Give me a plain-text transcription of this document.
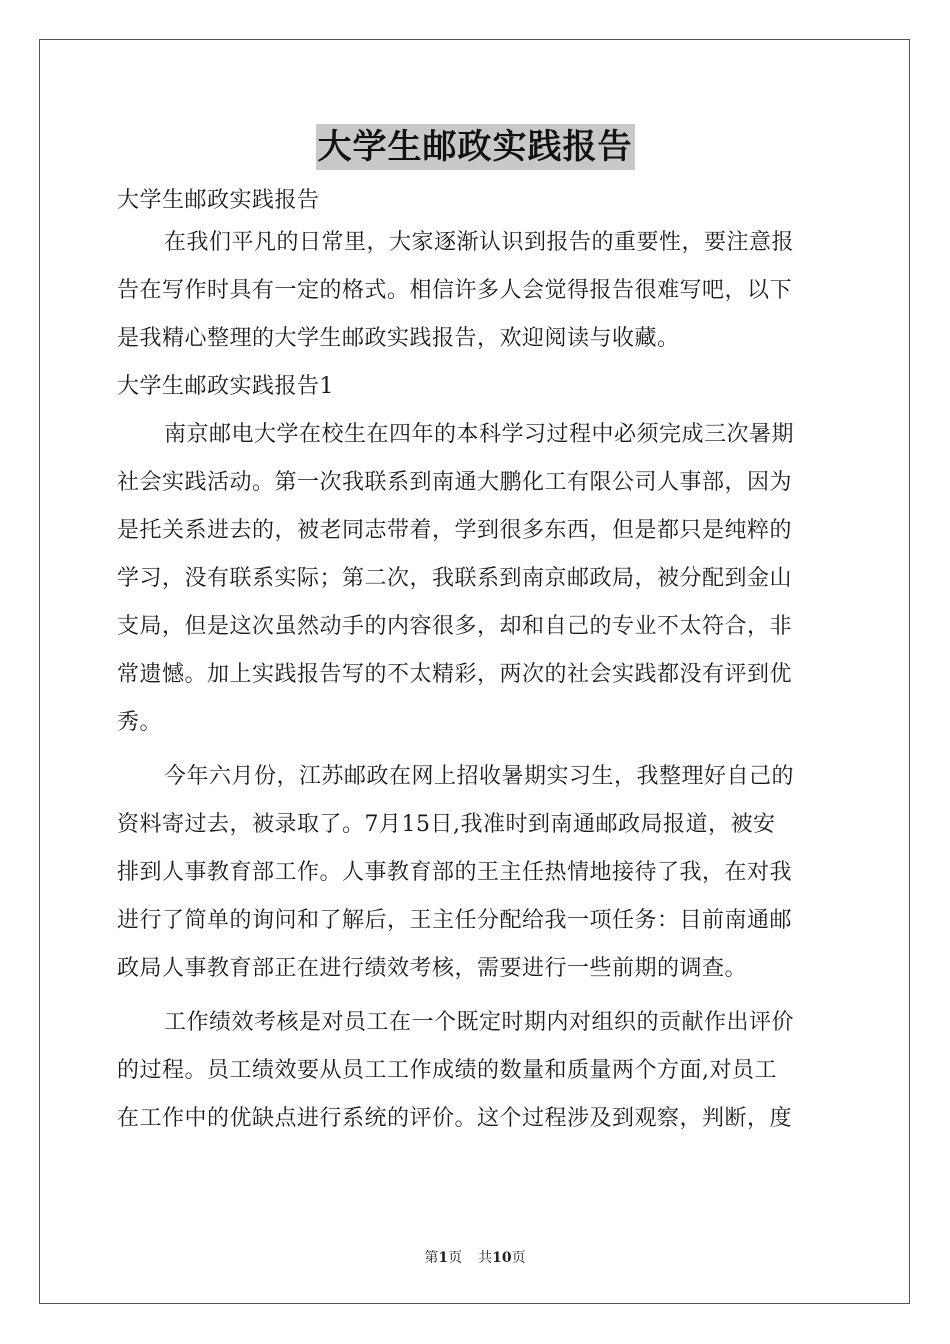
大学生邮政实践报告
大学生邮政实践报告
在我们平凡的日常里，大家逐渐认识到报告的重要性，要注意报
告在写作时具有一定的格式。相信许多人会觉得报告很难写吧，以下
是我精心整理的大学生邮政实践报告，欢迎阅读与收藏。
大学生邮政实践报告1
南京邮电大学在校生在四年的本科学习过程中必须完成三次暑期
社会实践活动。第一次我联系到南通大鹏化工有限公司人事部，因为
是托关系进去的，被老同志带着，学到很多东西，但是都只是纯粹的
学习，没有联系实际；第二次，我联系到南京邮政局，被分配到金山
支局，但是这次虽然动手的内容很多，却和自己的专业不太符合，非
常遗憾。加上实践报告写的不太精彩，两次的社会实践都没有评到优
秀。
今年六月份，江苏邮政在网上招收暑期实习生，我整理好自己的
资料寄过去，被录取了。7月15日,我准时到南通邮政局报道，被安
排到人事教育部工作。人事教育部的王主任热情地接待了我，在对我
进行了简单的询问和了解后，王主任分配给我一项任务：目前南通邮
政局人事教育部正在进行绩效考核，需要进行一些前期的调查。
工作绩效考核是对员工在一个既定时期内对组织的贡献作出评价
的过程。员工绩效要从员工工作成绩的数量和质量两个方面,对员工
在工作中的优缺点进行系统的评价。这个过程涉及到观察，判断，度
第1页 共10页
